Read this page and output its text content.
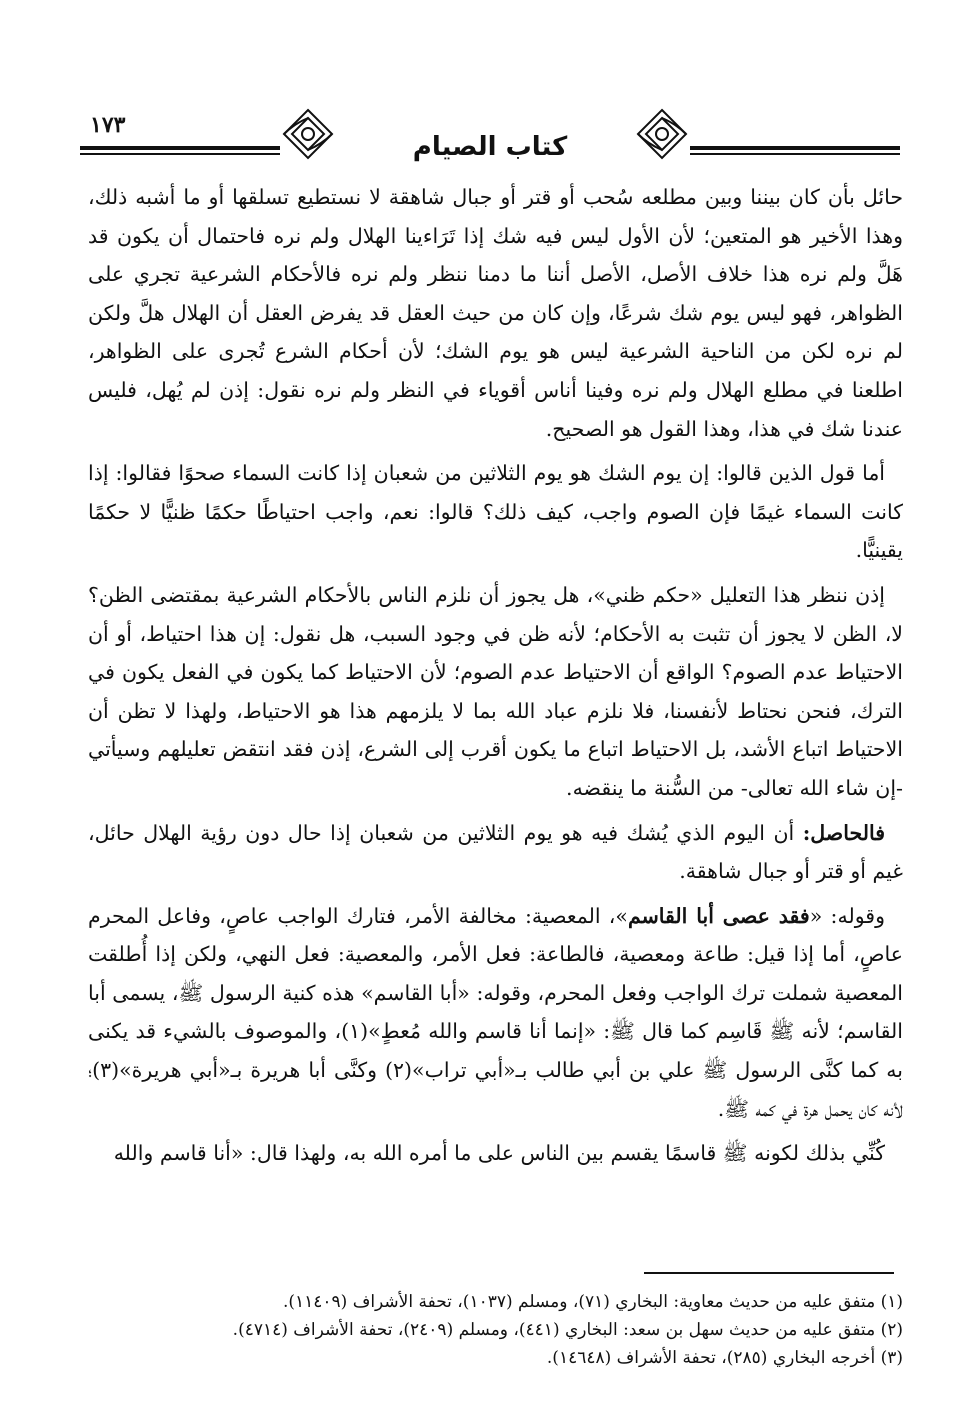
١٧٣
كتاب الصيام

حائل بأن كان بيننا وبين مطلعه سُحب أو قتر أو جبال شاهقة لا نستطيع تسلقها أو ما أشبه ذلك، وهذا الأخير هو المتعين؛ لأن الأول ليس فيه شك إذا تَرَاءينا الهلال ولم نره فاحتمال أن يكون قد هَلَّ ولم نره هذا خلاف الأصل، الأصل أننا ما دمنا ننظر ولم نره فالأحكام الشرعية تجري على الظواهر، فهو ليس يوم شك شرعًا، وإن كان من حيث العقل قد يفرض العقل أن الهلال هلَّ ولكن لم نره لكن من الناحية الشرعية ليس هو يوم الشك؛ لأن أحكام الشرع تُجرى على الظواهر، اطلعنا في مطلع الهلال ولم نره وفينا أناس أقوياء في النظر ولم نره نقول: إذن لم يُهل، فليس عندنا شك في هذا، وهذا القول هو الصحيح.

أما قول الذين قالوا: إن يوم الشك هو يوم الثلاثين من شعبان إذا كانت السماء صحوًا فقالوا: إذا كانت السماء غيمًا فإن الصوم واجب، كيف ذلك؟ قالوا: نعم، واجب احتياطًا حكمًا ظنيًّا لا حكمًا يقينيًّا.

إذن ننظر هذا التعليل «حكم ظني»، هل يجوز أن نلزم الناس بالأحكام الشرعية بمقتضى الظن؟ لا، الظن لا يجوز أن تثبت به الأحكام؛ لأنه ظن في وجود السبب، هل نقول: إن هذا احتياط، أو أن الاحتياط عدم الصوم؟ الواقع أن الاحتياط عدم الصوم؛ لأن الاحتياط كما يكون في الفعل يكون في الترك، فنحن نحتاط لأنفسنا، فلا نلزم عباد الله بما لا يلزمهم هذا هو الاحتياط، ولهذا لا تظن أن الاحتياط اتباع الأشد، بل الاحتياط اتباع ما يكون أقرب إلى الشرع، إذن فقد انتقض تعليلهم وسيأتي -إن شاء الله تعالى- من السُّنة ما ينقضه.

فالحاصل: أن اليوم الذي يُشك فيه هو يوم الثلاثين من شعبان إذا حال دون رؤية الهلال حائل، غيم أو قتر أو جبال شاهقة.

وقوله: «فقد عصى أبا القاسم»، المعصية: مخالفة الأمر، فتارك الواجب عاصٍ، وفاعل المحرم عاصٍ، أما إذا قيل: طاعة ومعصية، فالطاعة: فعل الأمر، والمعصية: فعل النهي، ولكن إذا أُطلقت المعصية شملت ترك الواجب وفعل المحرم، وقوله: «أبا القاسم» هذه كنية الرسول ﷺ، يسمى أبا القاسم؛ لأنه ﷺ قَاسِم كما قال ﷺ: «إنما أنا قاسم والله مُعطٍ»(١)، والموصوف بالشيء قد يكنى به كما كنَّى الرسول ﷺ علي بن أبي طالب بـ«أبي تراب»(٢) وكنَّى أبا هريرة بـ«أبي هريرة»(٣)؛ لأنه كان يحمل هرة في كمه ﷺ.

كُنِّي بذلك لكونه ﷺ قاسمًا يقسم بين الناس على ما أمره الله به، ولهذا قال: «أنا قاسم والله

(١) متفق عليه من حديث معاوية: البخاري (٧١)، ومسلم (١٠٣٧)، تحفة الأشراف (١١٤٠٩).
(٢) متفق عليه من حديث سهل بن سعد: البخاري (٤٤١)، ومسلم (٢٤٠٩)، تحفة الأشراف (٤٧١٤).
(٣) أخرجه البخاري (٢٨٥)، تحفة الأشراف (١٤٦٤٨).
